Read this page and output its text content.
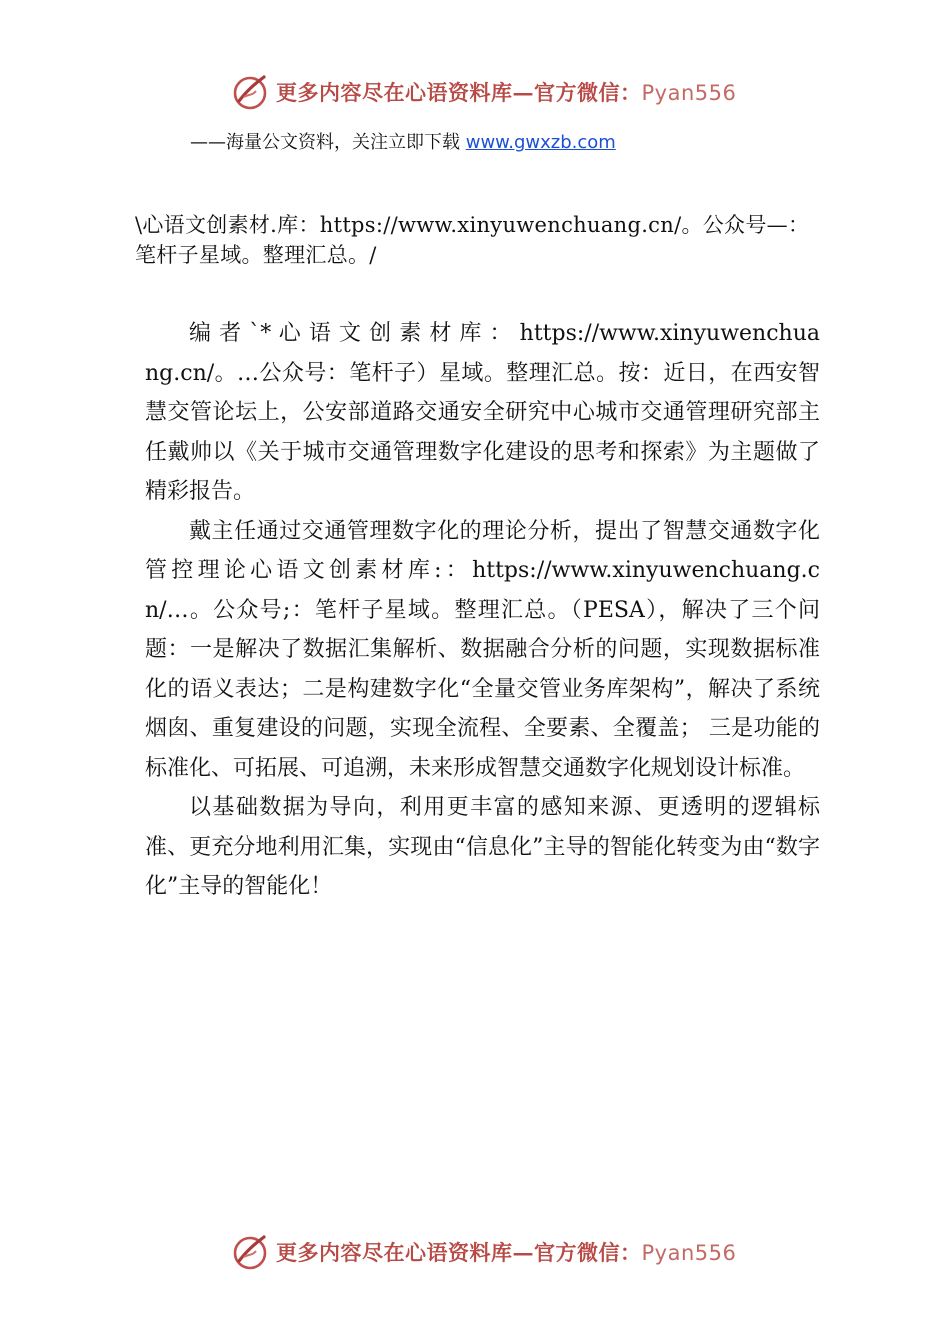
更多内容尽在心语资料库—官方微信：Pyan556
——海量公文资料，关注立即下载 www.gwxzb.com
\心语文创素材.库：https://www.xinyuwenchuang.cn/。公众号—：笔杆子星域。整理汇总。/

编 者 `* 心 语 文 创 素 材 库 ： https://www.xinyuwenchuang.cn/。…公众号：笔杆子）星域。整理汇总。按：近日，在西安智慧交管论坛上，公安部道路交通安全研究中心城市交通管理研究部主任戴帅以《关于城市交通管理数字化建设的思考和探索》为主题做了精彩报告。

戴主任通过交通管理数字化的理论分析，提出了智慧交通数字化管控理论心语文创素材库:：https://www.xinyuwenchuang.cn/…。公众号;：笔杆子星域。整理汇总。（PESA），解决了三个问题：一是解决了数据汇集解析、数据融合分析的问题，实现数据标准化的语义表达；二是构建数字化“全量交管业务库架构”，解决了系统烟囱、重复建设的问题，实现全流程、全要素、全覆盖； 三是功能的标准化、可拓展、可追溯，未来形成智慧交通数字化规划设计标准。

以基础数据为导向，利用更丰富的感知来源、更透明的逻辑标准、更充分地利用汇集，实现由“信息化”主导的智能化转变为由“数字化”主导的智能化！

更多内容尽在心语资料库—官方微信：Pyan556
